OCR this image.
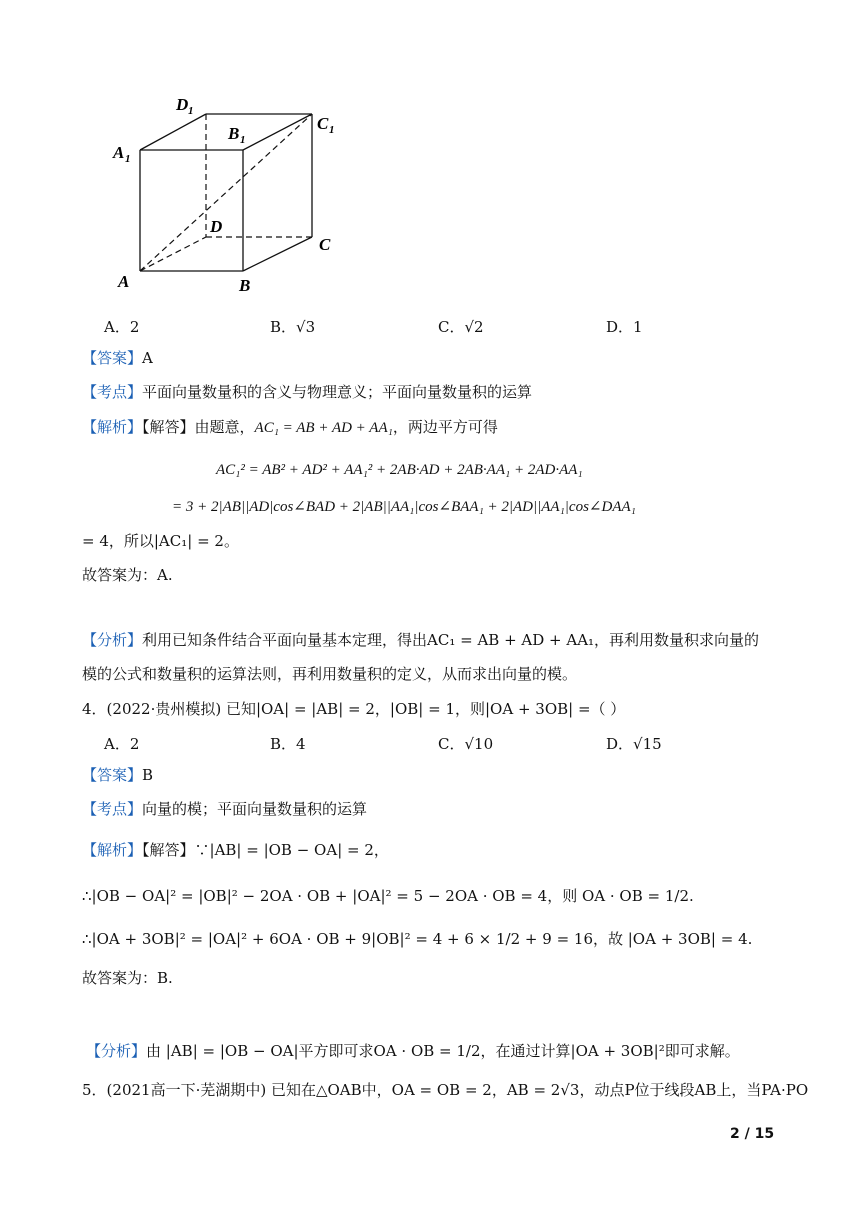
D 1
B 1
C 1
A 1
D
C
A	B
A．2	B．√3	C．√2	D．1
【答案】A
【考点】平面向量数量积的含义与物理意义；平面向量数量积的运算
【解析】【解答】由题意，AC₁ = AB + AD + AA₁，两边平方可得
AC₁² = AB² + AD² + AA₁² + 2AB·AD + 2AB·AA₁ + 2AD·AA₁
= 3 + 2|AB||AD|cos∠BAD + 2|AB||AA₁|cos∠BAA₁ + 2|AD||AA₁|cos∠DAA₁
= 4，所以|AC₁| = 2。
故答案为：A.
【分析】利用已知条件结合平面向量基本定理，得出AC₁ = AB + AD + AA₁，再利用数量积求向量的
模的公式和数量积的运算法则，再利用数量积的定义，从而求出向量的模。
4．(2022·贵州模拟) 已知|OA| = |AB| = 2，|OB| = 1，则|OA + 3OB| =（ ）
A．2	B．4	C．√10	D．√15
【答案】B
【考点】向量的模；平面向量数量积的运算
【解析】【解答】∵|AB| = |OB − OA| = 2，
∴|OB − OA|² = |OB|² − 2OA · OB + |OA|² = 5 − 2OA · OB = 4，则 OA · OB = 1/2.
∴|OA + 3OB|² = |OA|² + 6OA · OB + 9|OB|² = 4 + 6 × 1/2 + 9 = 16，故 |OA + 3OB| = 4.
故答案为：B.
【分析】由 |AB| = |OB − OA|平方即可求OA · OB = 1/2，在通过计算|OA + 3OB|²即可求解。
5．(2021高一下·芜湖期中) 已知在△OAB中，OA = OB = 2，AB = 2√3，动点P位于线段AB上，当PA·PO
2 / 15
